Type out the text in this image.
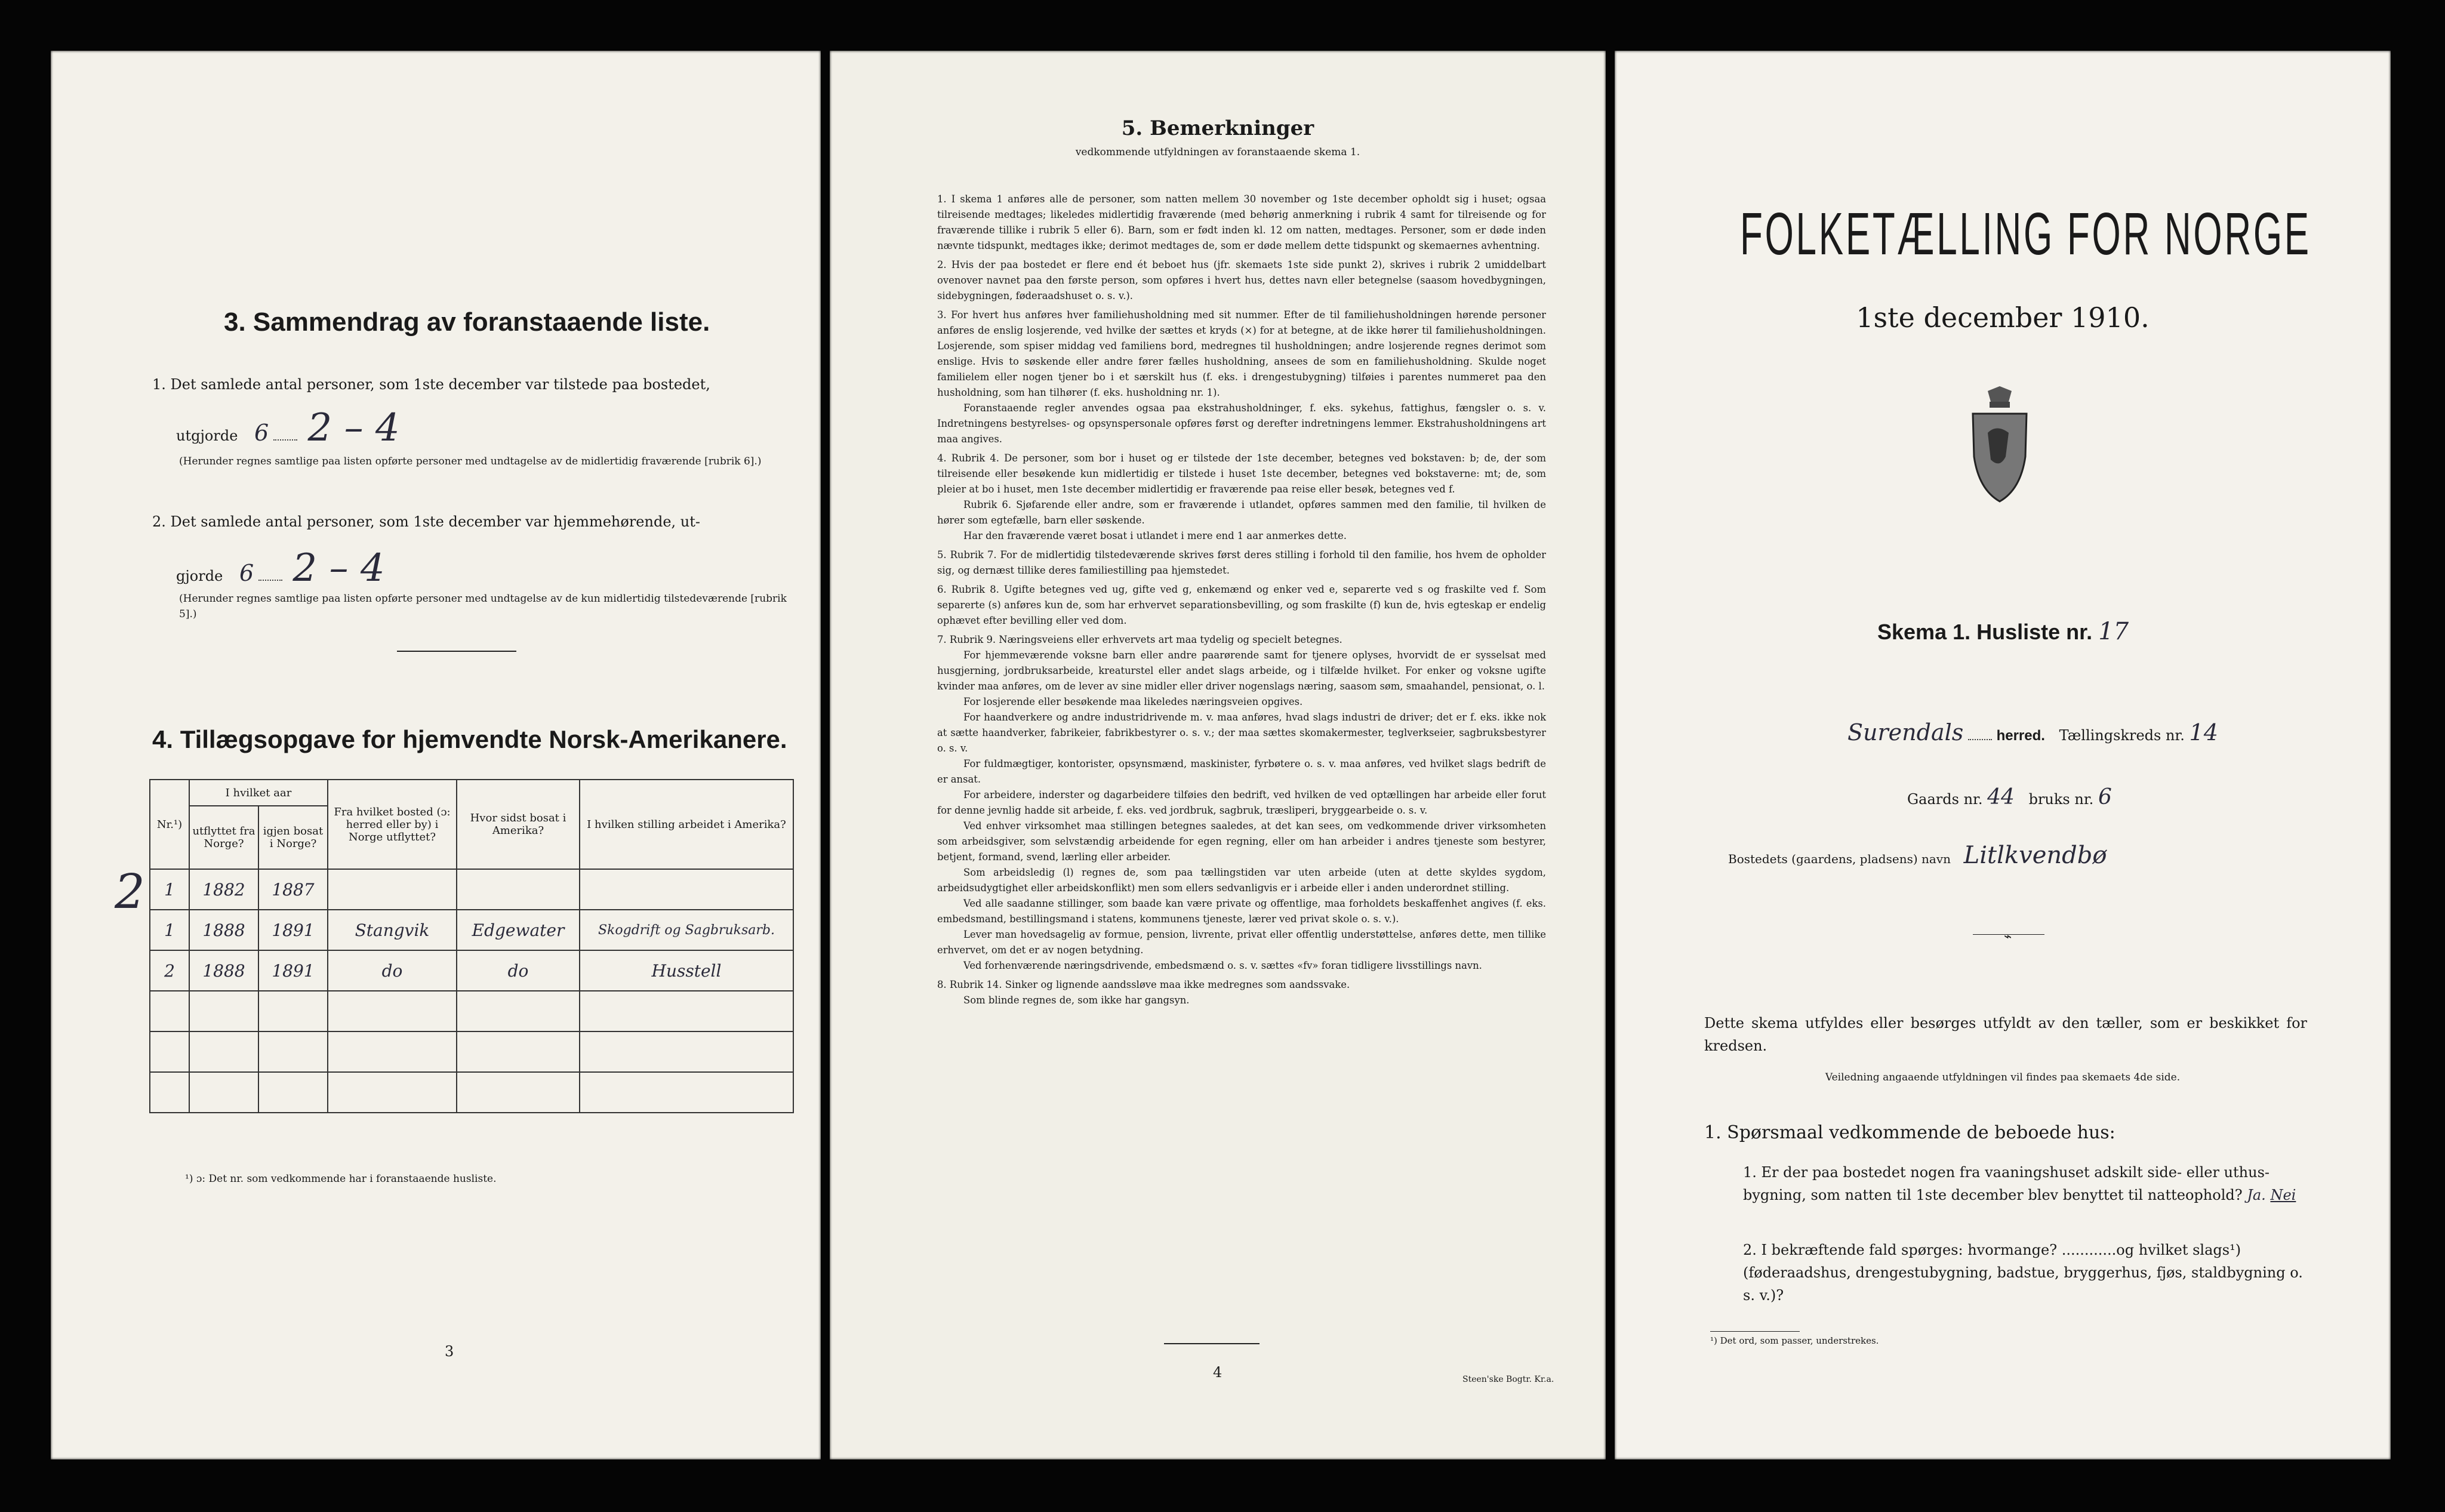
3. Sammendrag av foranstaaende liste.
1. Det samlede antal personer, som 1ste december var tilstede paa bostedet,
utgjorde 6 2 – 4
(Herunder regnes samtlige paa listen opførte personer med undtagelse av de midlertidig fraværende [rubrik 6].)
2. Det samlede antal personer, som 1ste december var hjemmehørende, ut-
gjorde 6 2 – 4
(Herunder regnes samtlige paa listen opførte personer med undtagelse av de kun midlertidig tilstedeværende [rubrik 5].)
4. Tillægsopgave for hjemvendte Norsk-Amerikanere.
Nr.¹)	I hvilket aar		Fra hvilket bosted (ɔ: herred eller by) i Norge utflyttet?	Hvor sidst bosat i Amerika?	I hvilken stilling arbeidet i Amerika?
	utflyttet fra Norge?	igjen bosat i Norge?			

2 1	1882	1887			
1	1888	1891	Stangvik	Edgewater	Skogdrift og Sagbruksarb.
2	1888	1891	do	do	Husstell

¹) ɔ: Det nr. som vedkommende har i foranstaaende husliste.
3
5. Bemerkninger
vedkommende utfyldningen av foranstaaende skema 1.

1. I skema 1 anføres alle de personer, som natten mellem 30 november og 1ste december opholdt sig i huset; ogsaa tilreisende medtages; likeledes midlertidig fraværende (med behørig anmerkning i rubrik 4 samt for tilreisende og for fraværende tillike i rubrik 5 eller 6). Barn, som er født inden kl. 12 om natten, medtages. Personer, som er døde inden nævnte tidspunkt, medtages ikke; derimot medtages de, som er døde mellem dette tidspunkt og skemaernes avhentning.

2. Hvis der paa bostedet er flere end ét beboet hus (jfr. skemaets 1ste side punkt 2), skrives i rubrik 2 umiddelbart ovenover navnet paa den første person, som opføres i hvert hus, dettes navn eller betegnelse (saasom hovedbygningen, sidebygningen, føderaadshuset o. s. v.).

3. For hvert hus anføres hver familiehusholdning med sit nummer. Efter de til familiehusholdningen hørende personer anføres de enslig losjerende, ved hvilke der sættes et kryds (×) for at betegne, at de ikke hører til familiehusholdningen. Losjerende, som spiser middag ved familiens bord, medregnes til husholdningen; andre losjerende regnes derimot som enslige. Hvis to søskende eller andre fører fælles husholdning, ansees de som en familiehusholdning. Skulde noget familielem eller nogen tjener bo i et særskilt hus (f. eks. i drengestubygning) tilføies i parentes nummeret paa den husholdning, som han tilhører (f. eks. husholdning nr. 1).

Foranstaaende regler anvendes ogsaa paa ekstrahusholdninger, f. eks. sykehus, fattighus, fængsler o. s. v. Indretningens bestyrelses- og opsynspersonale opføres først og derefter indretningens lemmer. Ekstrahusholdningens art maa angives.

4. Rubrik 4. De personer, som bor i huset og er tilstede der 1ste december, betegnes ved bokstaven: b; de, der som tilreisende eller besøkende kun midlertidig er tilstede i huset 1ste december, betegnes ved bokstaverne: mt; de, som pleier at bo i huset, men 1ste december midlertidig er fraværende paa reise eller besøk, betegnes ved f.

Rubrik 6. Sjøfarende eller andre, som er fraværende i utlandet, opføres sammen med den familie, til hvilken de hører som egtefælle, barn eller søskende.

Har den fraværende været bosat i utlandet i mere end 1 aar anmerkes dette.

5. Rubrik 7. For de midlertidig tilstedeværende skrives først deres stilling i forhold til den familie, hos hvem de opholder sig, og dernæst tillike deres familiestilling paa hjemstedet.

6. Rubrik 8. Ugifte betegnes ved ug, gifte ved g, enkemænd og enker ved e, separerte ved s og fraskilte ved f. Som separerte (s) anføres kun de, som har erhvervet separationsbevilling, og som fraskilte (f) kun de, hvis egteskap er endelig ophævet efter bevilling eller ved dom.

7. Rubrik 9. Næringsveiens eller erhvervets art maa tydelig og specielt betegnes.

For hjemmeværende voksne barn eller andre paarørende samt for tjenere oplyses, hvorvidt de er sysselsat med husgjerning, jordbruksarbeide, kreaturstel eller andet slags arbeide, og i tilfælde hvilket. For enker og voksne ugifte kvinder maa anføres, om de lever av sine midler eller driver nogenslags næring, saasom søm, smaahandel, pensionat, o. l.

For losjerende eller besøkende maa likeledes næringsveien opgives.

For haandverkere og andre industridrivende m. v. maa anføres, hvad slags industri de driver; det er f. eks. ikke nok at sætte haandverker, fabrikeier, fabrikbestyrer o. s. v.; der maa sættes skomakermester, teglverkseier, sagbruksbestyrer o. s. v.

For fuldmægtiger, kontorister, opsynsmænd, maskinister, fyrbøtere o. s. v. maa anføres, ved hvilket slags bedrift de er ansat.

For arbeidere, inderster og dagarbeidere tilføies den bedrift, ved hvilken de ved optællingen har arbeide eller forut for denne jevnlig hadde sit arbeide, f. eks. ved jordbruk, sagbruk, træsliperi, bryggearbeide o. s. v.

Ved enhver virksomhet maa stillingen betegnes saaledes, at det kan sees, om vedkommende driver virksomheten som arbeidsgiver, som selvstændig arbeidende for egen regning, eller om han arbeider i andres tjeneste som bestyrer, betjent, formand, svend, lærling eller arbeider.

Som arbeidsledig (l) regnes de, som paa tællingstiden var uten arbeide (uten at dette skyldes sygdom, arbeidsudygtighet eller arbeidskonflikt) men som ellers sedvanligvis er i arbeide eller i anden underordnet stilling.

Ved alle saadanne stillinger, som baade kan være private og offentlige, maa forholdets beskaffenhet angives (f. eks. embedsmand, bestillingsmand i statens, kommunens tjeneste, lærer ved privat skole o. s. v.).

Lever man hovedsagelig av formue, pension, livrente, privat eller offentlig understøttelse, anføres dette, men tillike erhvervet, om det er av nogen betydning.

Ved forhenværende næringsdrivende, embedsmænd o. s. v. sættes «fv» foran tidligere livsstillings navn.

8. Rubrik 14. Sinker og lignende aandssløve maa ikke medregnes som aandssvake.

Som blinde regnes de, som ikke har gangsyn.

4	Steen'ske Bogtr. Kr.a.
FOLKETÆLLING FOR NORGE
1ste december 1910.
Skema 1. Husliste nr. 17
Surendals herred. Tællingskreds nr. 14
Gaards nr. 44 bruks nr. 6
Bostedets (gaardens, pladsens) navn Litlkvendbø
⌁
Dette skema utfyldes eller besørges utfyldt av den tæller, som er beskikket for kredsen.
Veiledning angaaende utfyldningen vil findes paa skemaets 4de side.
1. Spørsmaal vedkommende de beboede hus:
1. Er der paa bostedet nogen fra vaaningshuset adskilt side- eller uthus-bygning, som natten til 1ste december blev benyttet til natteophold? Ja. Nei
2. I bekræftende fald spørges: hvormange? ............og hvilket slags¹) (føderaadshus, drengestubygning, badstue, bryggerhus, fjøs, staldbygning o. s. v.)?
¹) Det ord, som passer, understrekes.
